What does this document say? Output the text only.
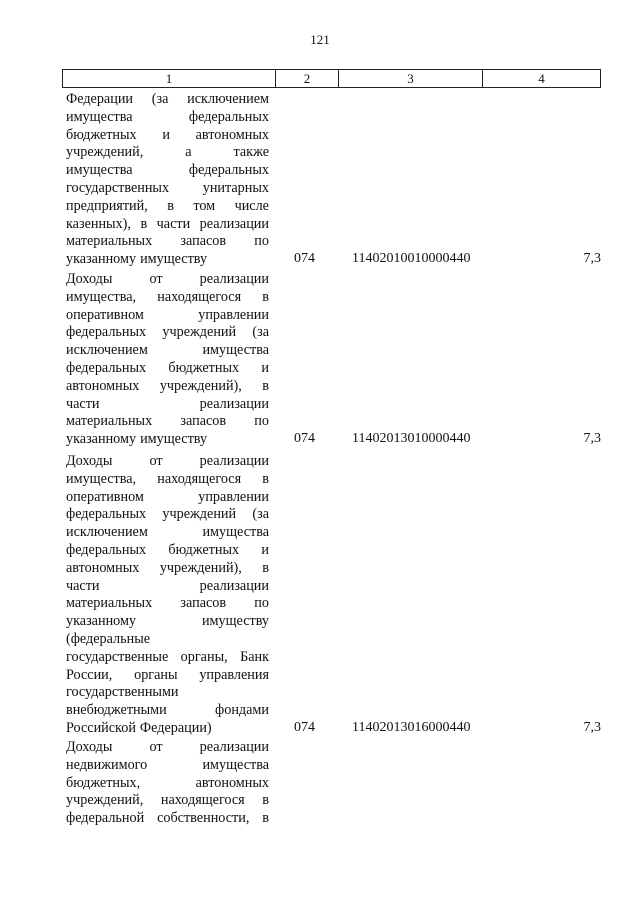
121
1	2	3	4
Федерации (за исключением
имущества	федеральных
бюджетных и автономных
учреждений,	а	также
имущества	федеральных
государственных унитарных
предприятий, в том числе
казенных), в части реализации
материальных запасов по
указанному имуществу	074	11402010010000440	7,3
Доходы	от	реализации
имущества, находящегося в
оперативном	управлении
федеральных учреждений (за
исключением	имущества
федеральных бюджетных и
автономных учреждений), в
части	реализации
материальных запасов по
указанному имуществу	074	11402013010000440	7,3
Доходы	от	реализации
имущества, находящегося в
оперативном	управлении
федеральных учреждений (за
исключением	имущества
федеральных бюджетных и
автономных учреждений), в
части	реализации
материальных запасов по
указанному	имуществу
(федеральные
государственные органы, Банк
России, органы управления
государственными
внебюджетными	фондами
Российской Федерации)	074	11402013016000440	7,3
Доходы	от	реализации
недвижимого	имущества
бюджетных,	автономных
учреждений, находящегося в
федеральной собственности, в
